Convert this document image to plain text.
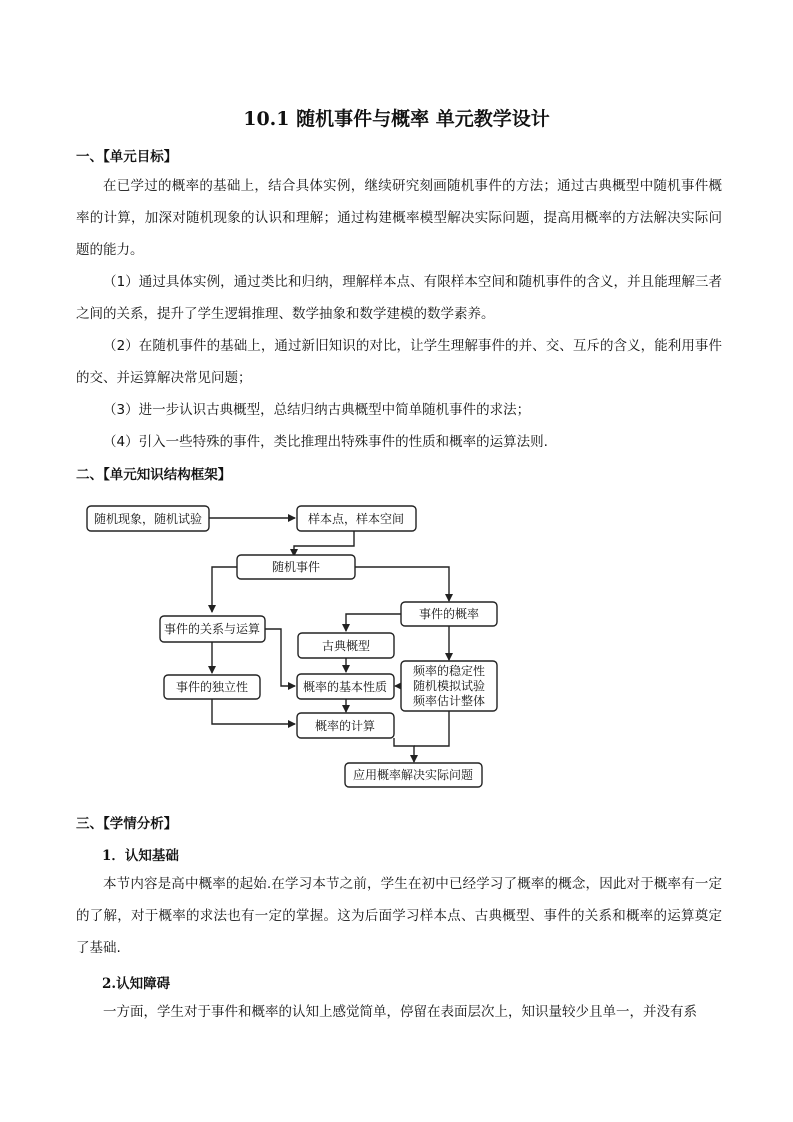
10.1 随机事件与概率 单元教学设计
一、【单元目标】

在已学过的概率的基础上，结合具体实例，继续研究刻画随机事件的方法；通过古典概型中随机事件概率的计算，加深对随机现象的认识和理解；通过构建概率模型解决实际问题，提高用概率的方法解决实际问题的能力。

（1）通过具体实例，通过类比和归纳，理解样本点、有限样本空间和随机事件的含义，并且能理解三者之间的关系，提升了学生逻辑推理、数学抽象和数学建模的数学素养。

（2）在随机事件的基础上，通过新旧知识的对比，让学生理解事件的并、交、互斥的含义，能利用事件的交、并运算解决常见问题；

（3）进一步认识古典概型，总结归纳古典概型中简单随机事件的求法；

（4）引入一些特殊的事件，类比推理出特殊事件的性质和概率的运算法则.

二、【单元知识结构框架】
随机现象，随机试验	样本点，样本空间
随机事件
事件的关系与运算
事件的概率
古典概型
事件的独立性	概率的基本性质
频率的稳定性
随机模拟试验
频率估计整体
概率的计算
应用概率解决实际问题
三、【学情分析】
1．认知基础

本节内容是高中概率的起始.在学习本节之前，学生在初中已经学习了概率的概念，因此对于概率有一定的了解，对于概率的求法也有一定的掌握。这为后面学习样本点、古典概型、事件的关系和概率的运算奠定了基础.

2.认知障碍

一方面，学生对于事件和概率的认知上感觉简单，停留在表面层次上，知识量较少且单一，并没有系
